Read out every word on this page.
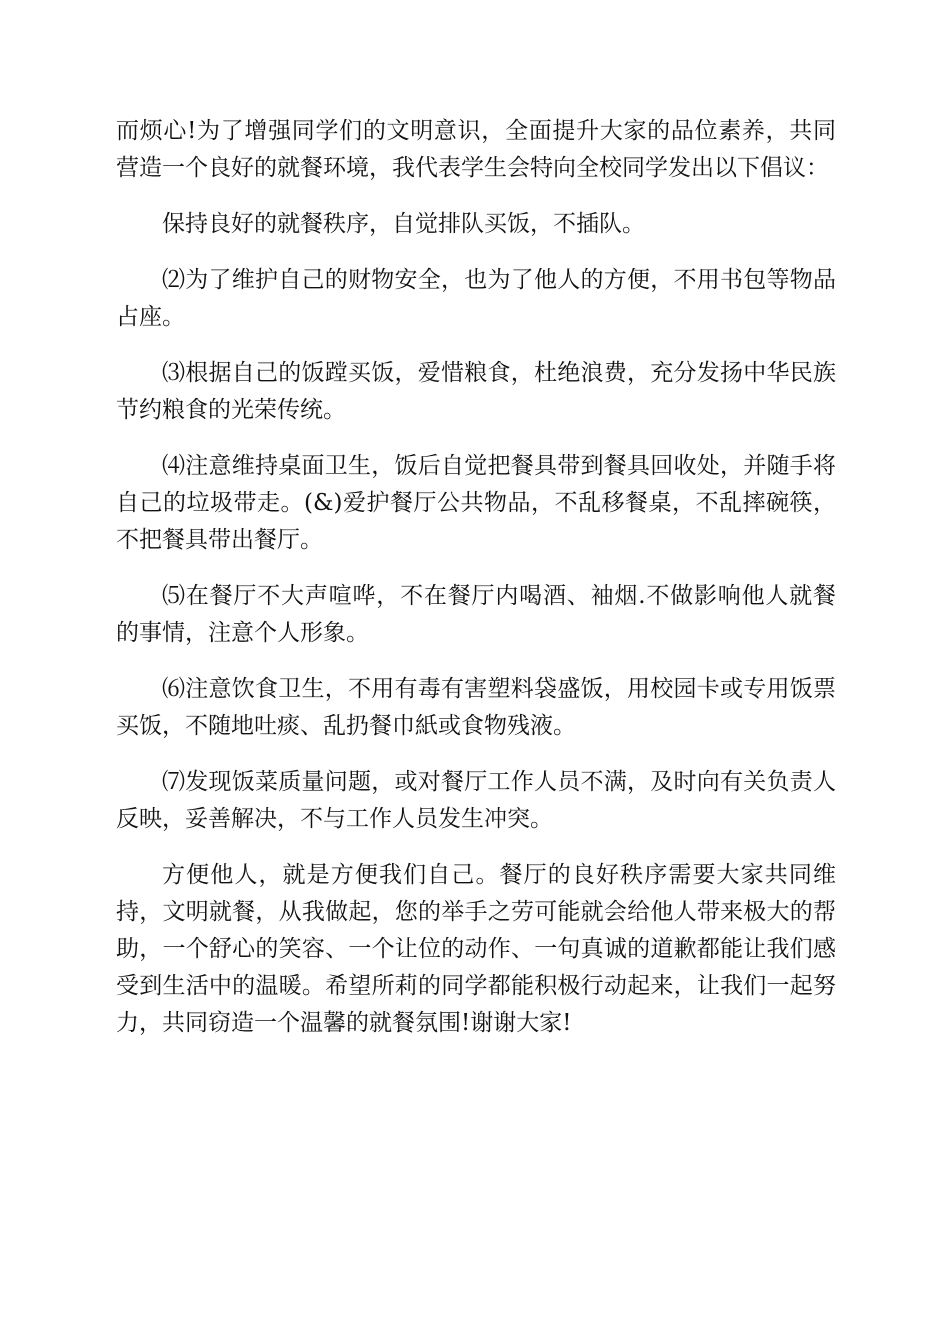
而烦心!为了增强同学们的文明意识，全面提升大家的品位素养，共同营造一个良好的就餐环境，我代表学生会特向全校同学发出以下倡议：

保持良好的就餐秩序，自觉排队买饭，不插队。

⑵为了维护自己的财物安全，也为了他人的方便，不用书包等物品占座。

⑶根据自己的饭蹚买饭，爱惜粮食，杜绝浪费，充分发扬中华民族节约粮食的光荣传统。

⑷注意维持桌面卫生，饭后自觉把餐具带到餐具回收处，并随手将自己的垃圾带走。(&)爱护餐厅公共物品，不乱移餐桌，不乱摔碗筷，不把餐具带出餐厅。

⑸在餐厅不大声喧哗，不在餐厅内喝酒、袖烟.不做影响他人就餐的事情，注意个人形象。

⑹注意饮食卫生，不用有毒有害塑料袋盛饭，用校园卡或专用饭票买饭，不随地吐痰、乱扔餐巾紙或食物残液。

⑺发现饭菜质量问题，或对餐厅工作人员不满，及时向有关负责人反映，妥善解决，不与工作人员发生冲突。

方便他人，就是方便我们自己。餐厅的良好秩序需要大家共同维持，文明就餐，从我做起，您的举手之劳可能就会给他人带来极大的帮助，一个舒心的笑容、一个让位的动作、一句真诚的道歉都能让我们感受到生活中的温暖。希望所莉的同学都能积极行动起来，让我们一起努力，共同窃造一个温馨的就餐氛围!谢谢大家!
